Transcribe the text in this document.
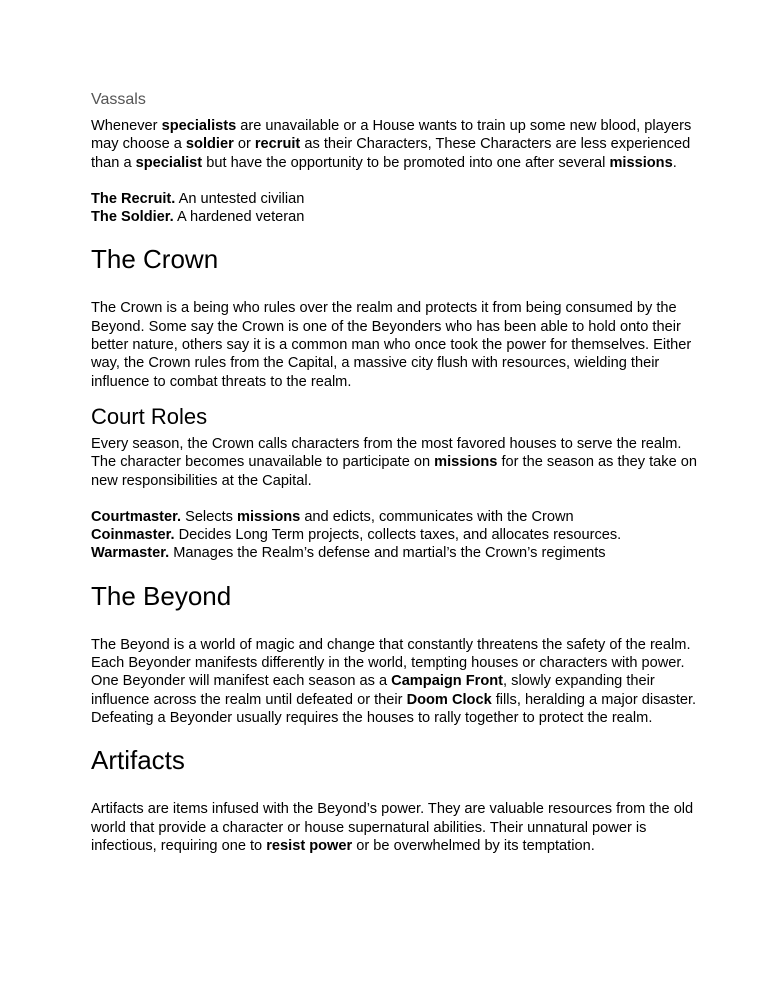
Vassals

Whenever specialists are unavailable or a House wants to train up some new blood, players may choose a soldier or recruit as their Characters, These Characters are less experienced than a specialist but have the opportunity to be promoted into one after several missions.

The Recruit. An untested civilian

The Soldier. A hardened veteran

The Crown

The Crown is a being who rules over the realm and protects it from being consumed by the Beyond. Some say the Crown is one of the Beyonders who has been able to hold onto their better nature, others say it is a common man who once took the power for themselves. Either way, the Crown rules from the Capital, a massive city flush with resources, wielding their influence to combat threats to the realm.

Court Roles

Every season, the Crown calls characters from the most favored houses to serve the realm. The character becomes unavailable to participate on missions for the season as they take on new responsibilities at the Capital.

Courtmaster. Selects missions and edicts, communicates with the Crown

Coinmaster. Decides Long Term projects, collects taxes, and allocates resources.

Warmaster. Manages the Realm’s defense and martial’s the Crown’s regiments

The Beyond

The Beyond is a world of magic and change that constantly threatens the safety of the realm. Each Beyonder manifests differently in the world, tempting houses or characters with power. One Beyonder will manifest each season as a Campaign Front, slowly expanding their influence across the realm until defeated or their Doom Clock fills, heralding a major disaster. Defeating a Beyonder usually requires the houses to rally together to protect the realm.

Artifacts

Artifacts are items infused with the Beyond’s power. They are valuable resources from the old world that provide a character or house supernatural abilities. Their unnatural power is infectious, requiring one to resist power or be overwhelmed by its temptation.
